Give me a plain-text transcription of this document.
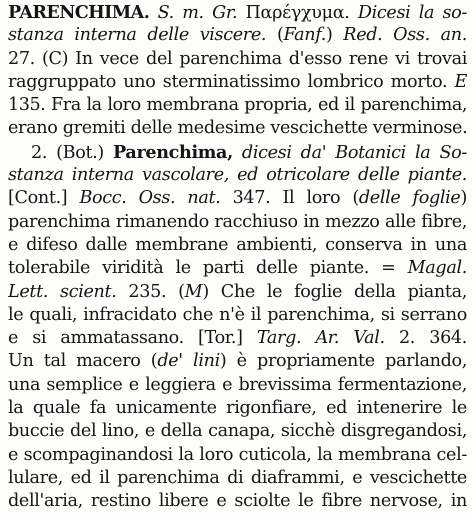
PARENCHIMA. S. m. Gr. Παρέγχυμα. Dicesi la so-
stanza interna delle viscere. (Fanf.) Red. Oss. an.
27. (C) In vece del parenchima d'esso rene vi trovai
raggruppato uno sterminatissimo lombrico morto. E
135. Fra la loro membrana propria, ed il parenchima,
erano gremiti delle medesime vescichette verminose.
2. (Bot.) Parenchima, dicesi da' Botanici la So-
stanza interna vascolare, ed otricolare delle piante.
[Cont.] Bocc. Oss. nat. 347. Il loro (delle foglie)
parenchima rimanendo racchiuso in mezzo alle fibre,
e difeso dalle membrane ambienti, conserva in una
tolerabile viridità le parti delle piante. = Magal.
Lett. scient. 235. (M) Che le foglie della pianta,
le quali, infracidato che n'è il parenchima, si serrano
e si ammatassano. [Tor.] Targ. Ar. Val. 2. 364.
Un tal macero (de' lini) è propriamente parlando,
una semplice e leggiera e brevissima fermentazione,
la quale fa unicamente rigonfiare, ed intenerire le
buccie del lino, e della canapa, sicchè disgregandosi,
e scompaginandosi la loro cuticola, la membrana cel-
lulare, ed il parenchima di diaframmi, e vescichette
dell'aria, restino libere e sciolte le fibre nervose, in
